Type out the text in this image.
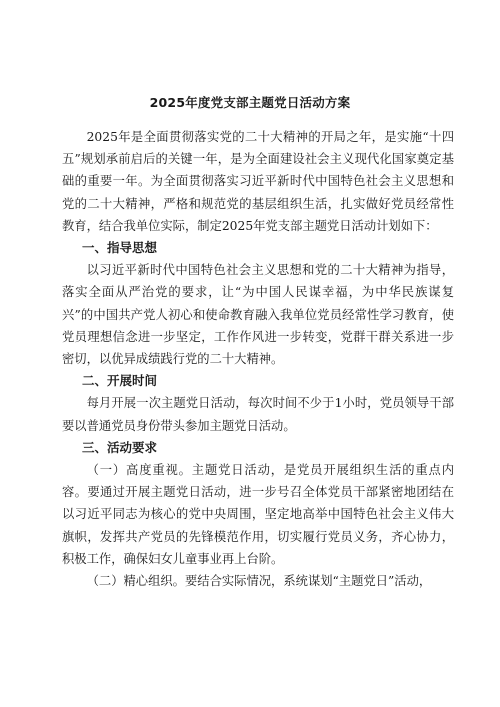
2025年度党支部主题党日活动方案

2025年是全面贯彻落实党的二十大精神的开局之年，是实施“十四五”规划承前启后的关键一年，是为全面建设社会主义现代化国家奠定基础的重要一年。为全面贯彻落实习近平新时代中国特色社会主义思想和党的二十大精神，严格和规范党的基层组织生活，扎实做好党员经常性教育，结合我单位实际，制定2025年党支部主题党日活动计划如下：

一、指导思想

以习近平新时代中国特色社会主义思想和党的二十大精神为指导，落实全面从严治党的要求，让“为中国人民谋幸福，为中华民族谋复兴”的中国共产党人初心和使命教育融入我单位党员经常性学习教育，使党员理想信念进一步坚定，工作作风进一步转变，党群干群关系进一步密切，以优异成绩践行党的二十大精神。

二、开展时间

每月开展一次主题党日活动，每次时间不少于1小时，党员领导干部要以普通党员身份带头参加主题党日活动。

三、活动要求

（一）高度重视。主题党日活动，是党员开展组织生活的重点内容。要通过开展主题党日活动，进一步号召全体党员干部紧密地团结在以习近平同志为核心的党中央周围，坚定地高举中国特色社会主义伟大旗帜，发挥共产党员的先锋模范作用，切实履行党员义务，齐心协力，积极工作，确保妇女儿童事业再上台阶。

（二）精心组织。要结合实际情况，系统谋划“主题党日”活动，
